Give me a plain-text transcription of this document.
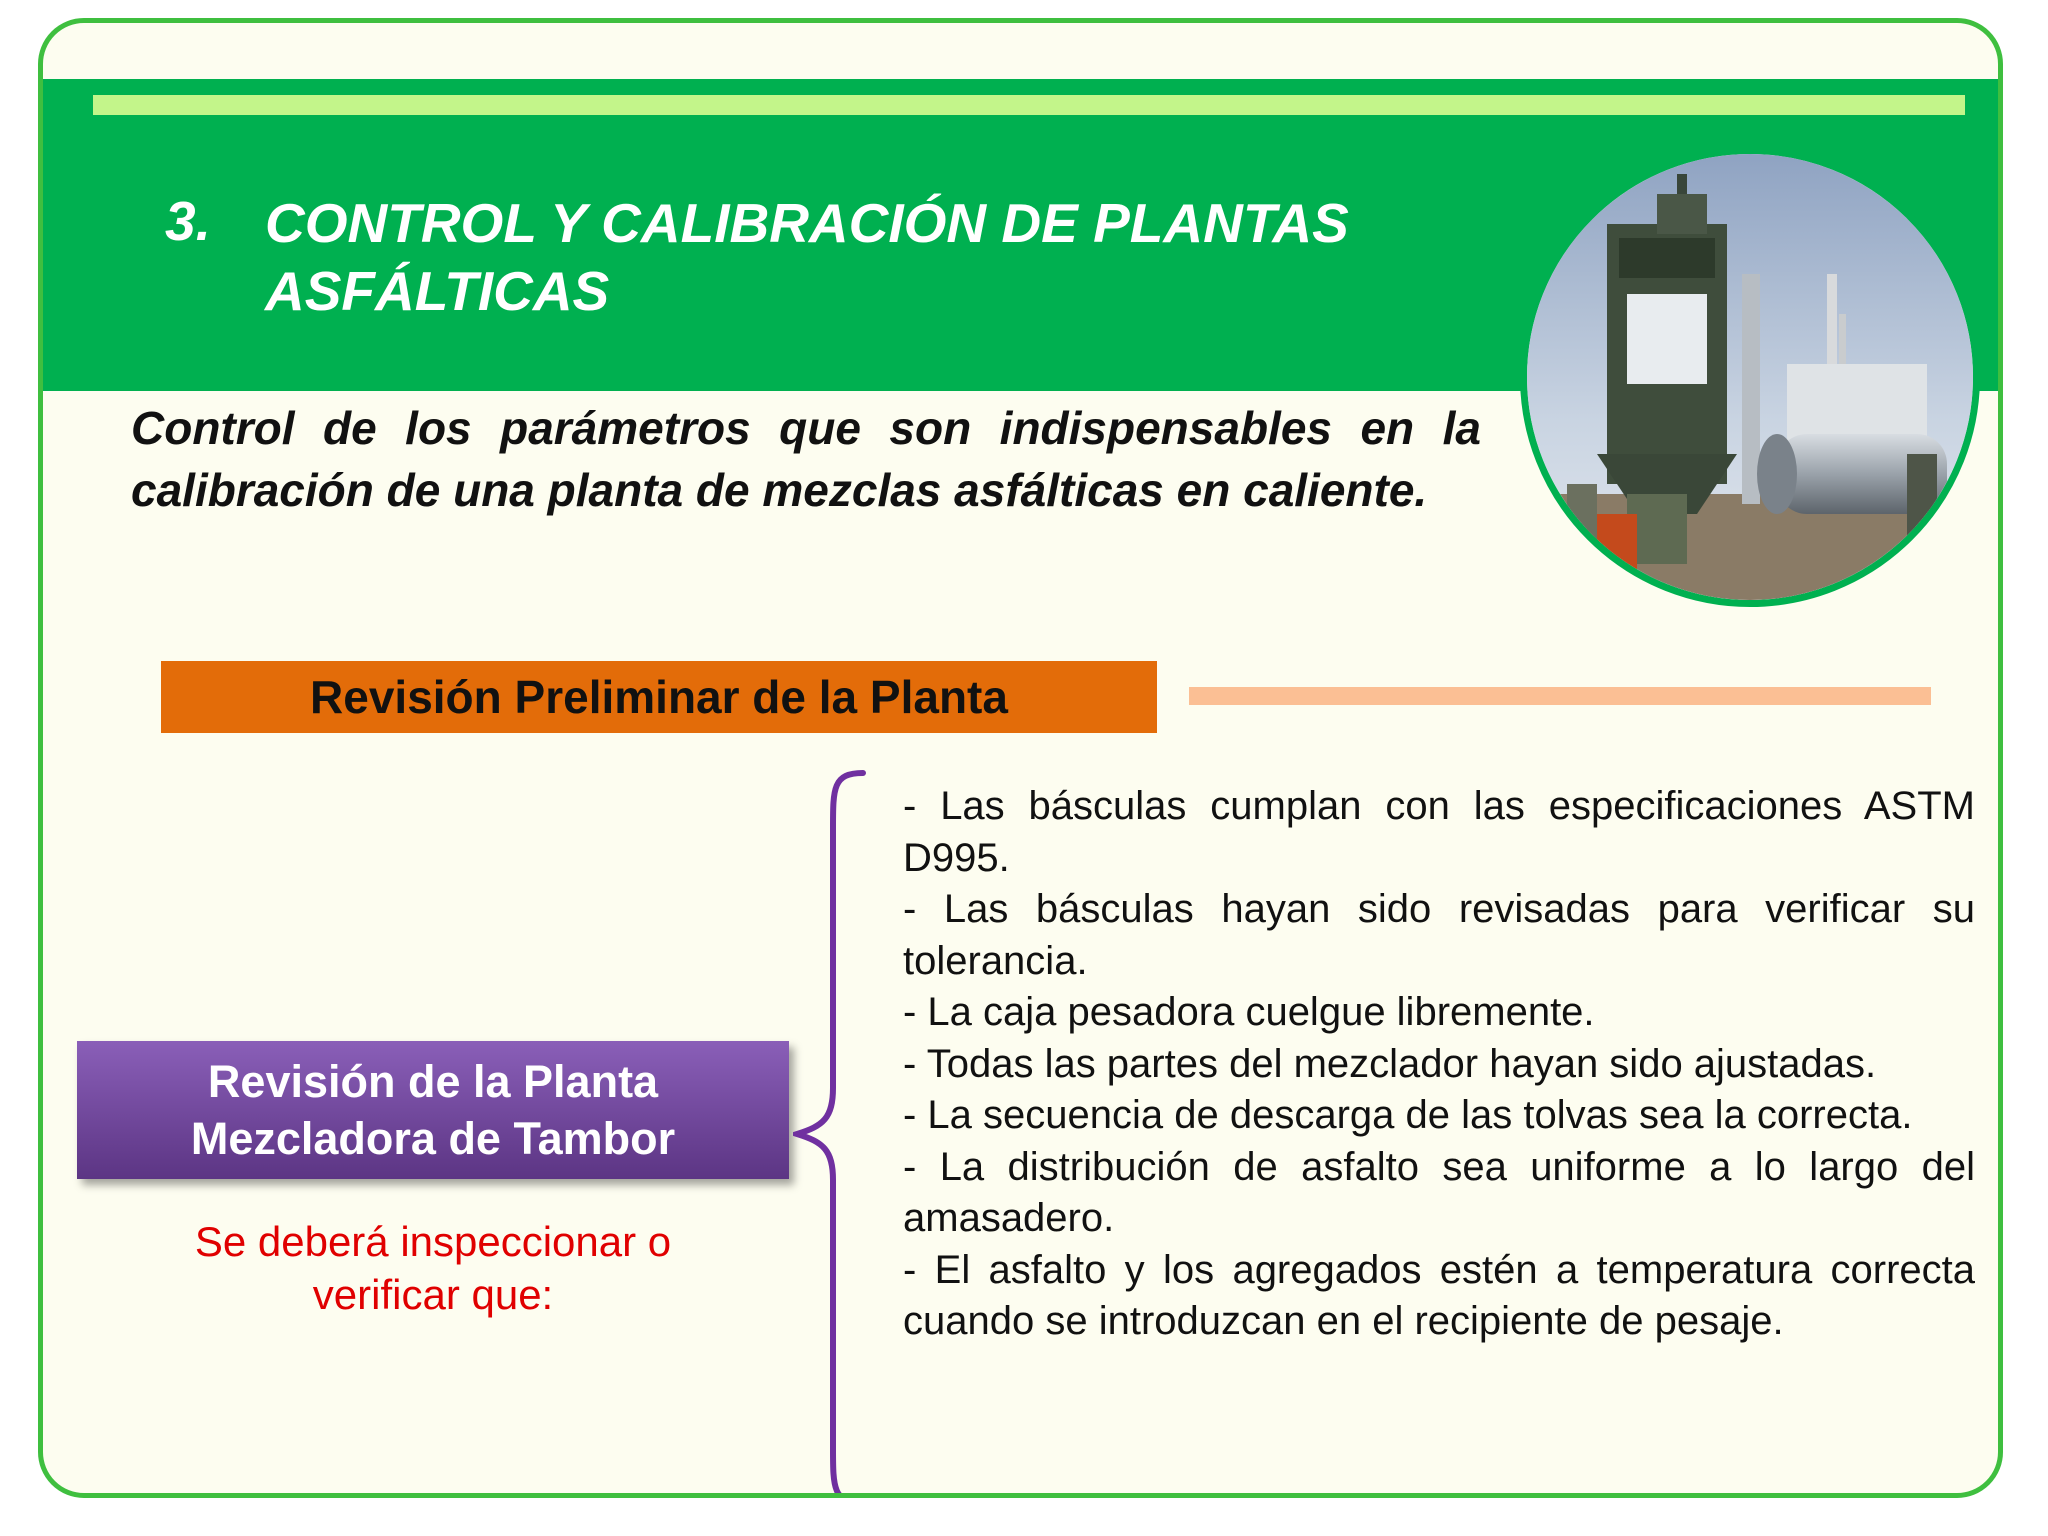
3. CONTROL Y CALIBRACIÓN DE PLANTAS
ASFÁLTICAS
Control de los parámetros que son indispensables en la calibración de una planta de mezclas asfálticas en caliente.
Revisión Preliminar de la Planta
Revisión de la Planta
Mezcladora de Tambor
Se deberá inspeccionar o
verificar que:
- Las básculas cumplan con las especificaciones ASTM D995.
- Las básculas hayan sido revisadas para verificar su tolerancia.
- La caja pesadora cuelgue libremente.
- Todas las partes del mezclador hayan sido ajustadas.
- La secuencia de descarga de las tolvas sea la correcta.
- La distribución de asfalto sea uniforme a lo largo del amasadero.
- El asfalto y los agregados estén a temperatura correcta cuando se introduzcan en el recipiente de pesaje.
